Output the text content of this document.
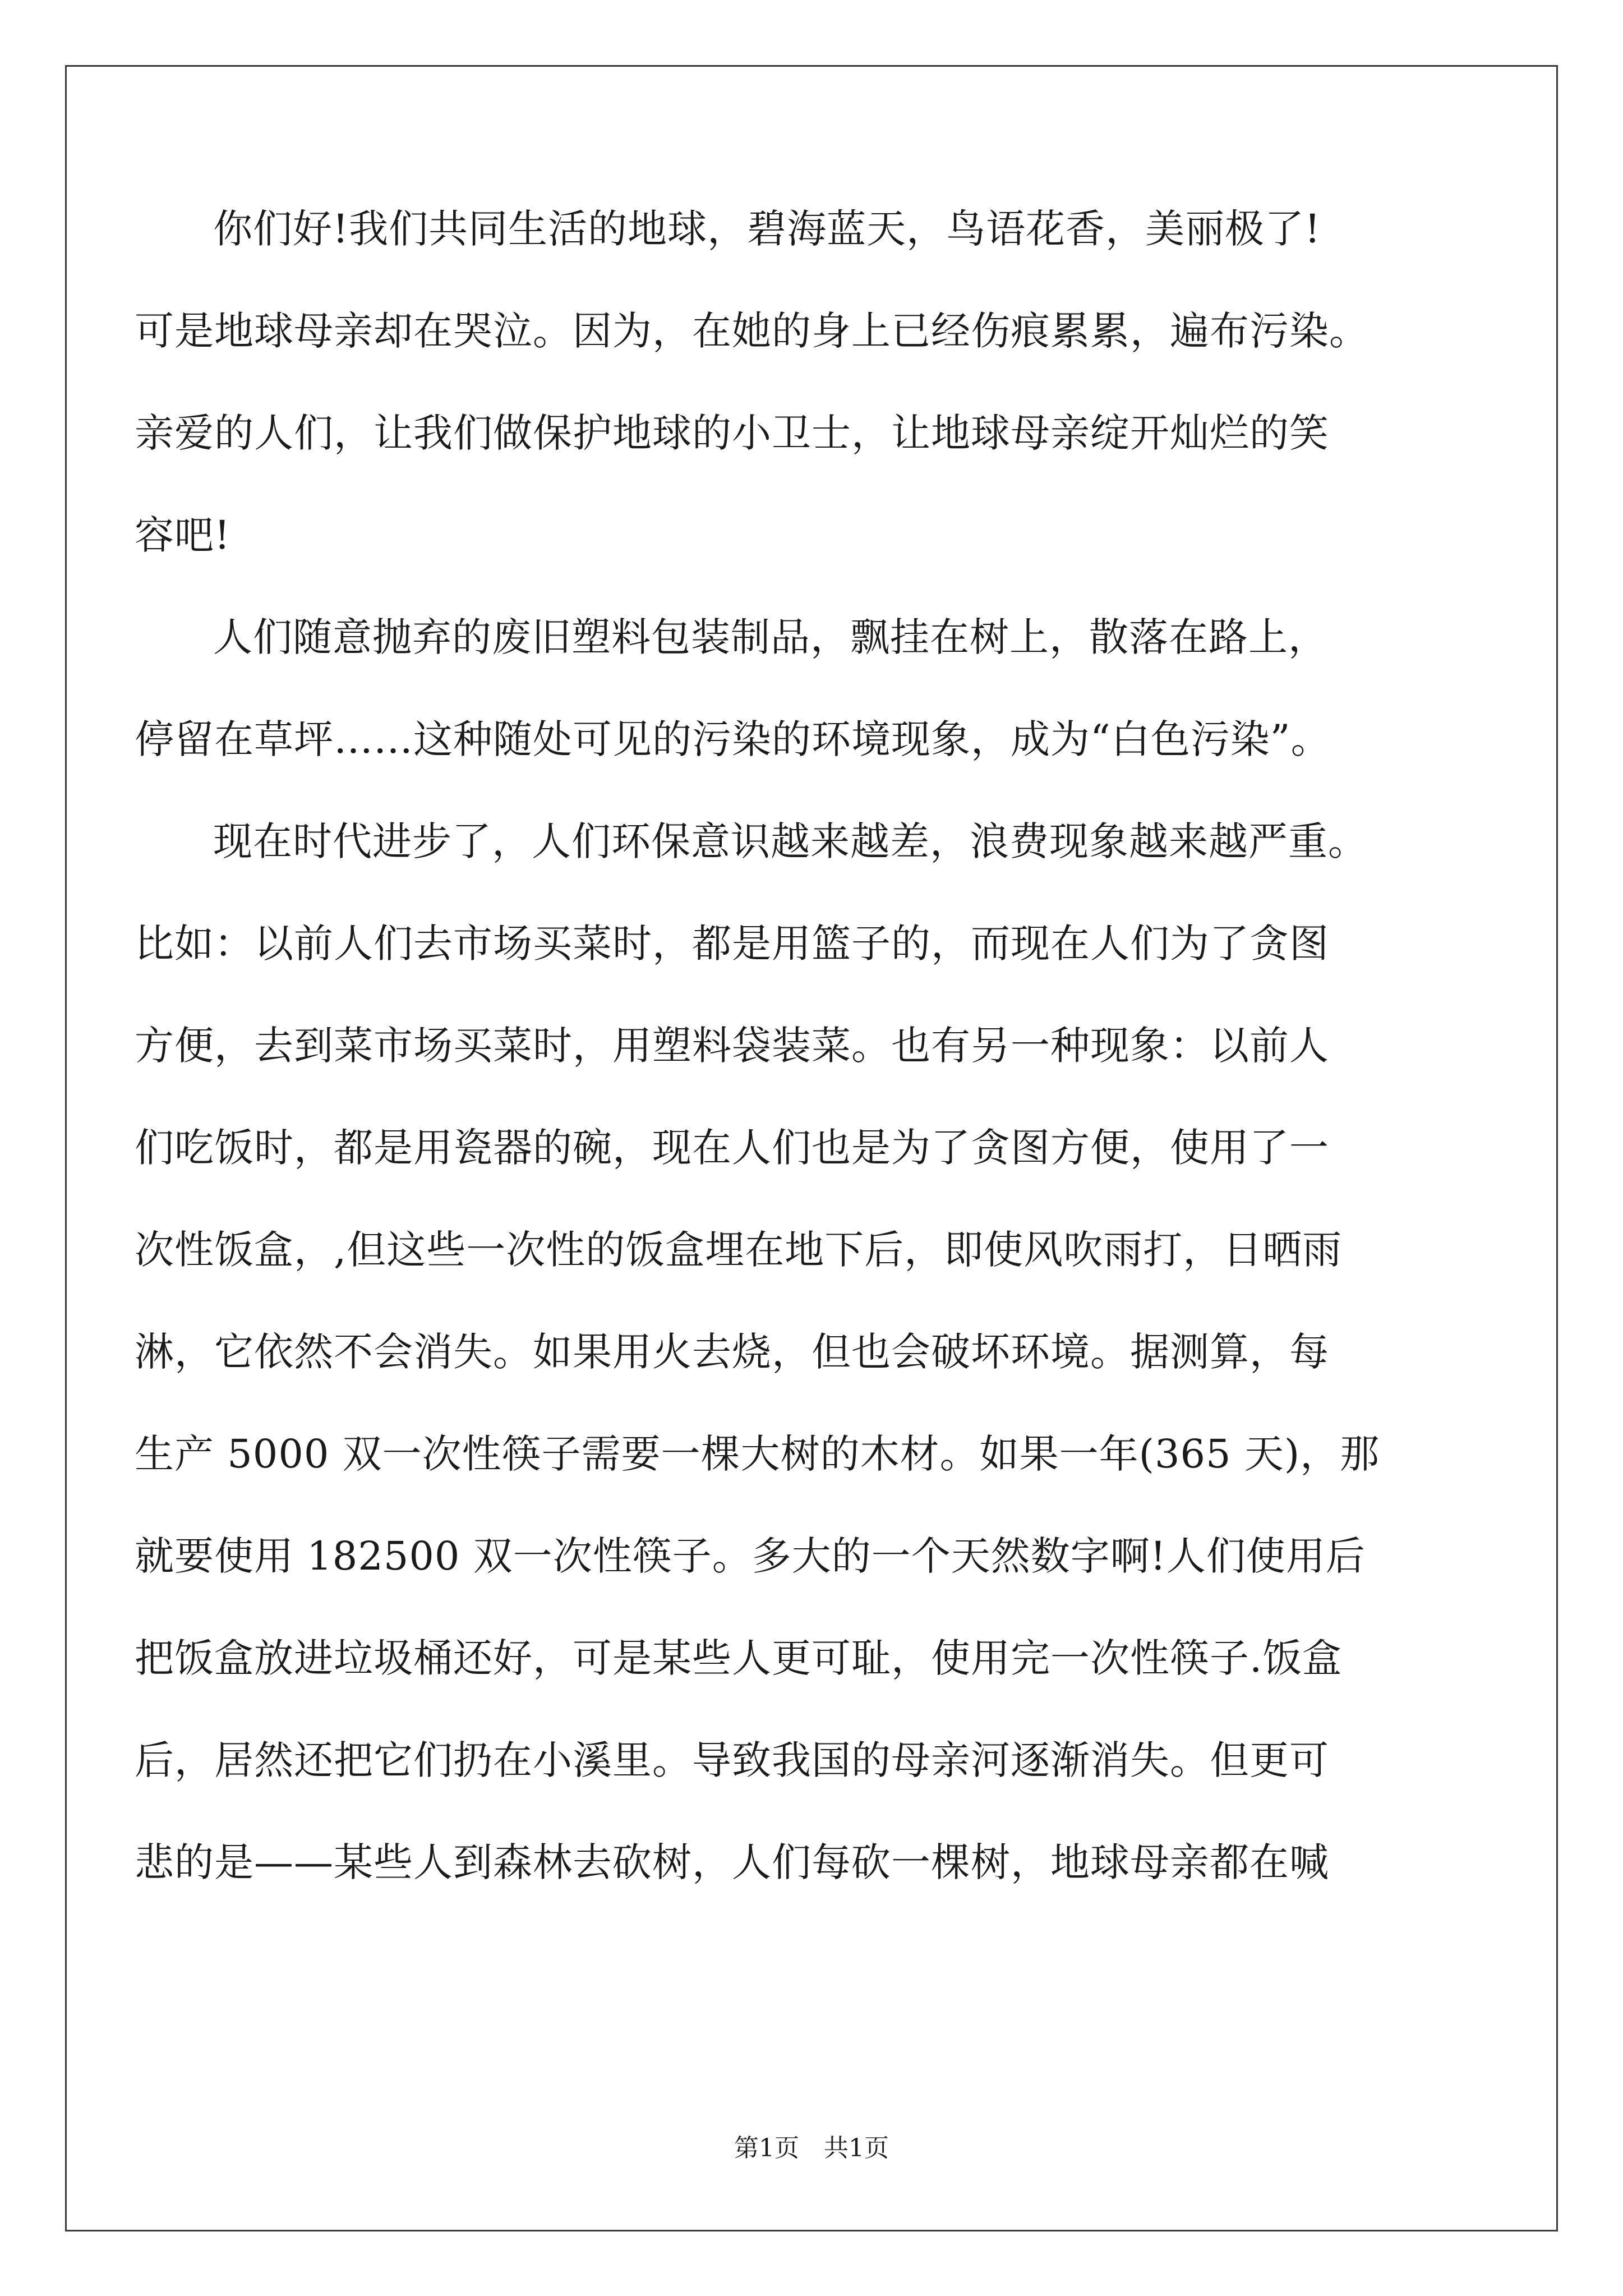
你们好!我们共同生活的地球，碧海蓝天，鸟语花香，美丽极了!
可是地球母亲却在哭泣。因为，在她的身上已经伤痕累累，遍布污染。
亲爱的人们，让我们做保护地球的小卫士，让地球母亲绽开灿烂的笑
容吧!
人们随意抛弃的废旧塑料包装制品，飘挂在树上，散落在路上，
停留在草坪……这种随处可见的污染的环境现象，成为“白色污染”。
现在时代进步了，人们环保意识越来越差，浪费现象越来越严重。
比如：以前人们去市场买菜时，都是用篮子的，而现在人们为了贪图
方便，去到菜市场买菜时，用塑料袋装菜。也有另一种现象：以前人
们吃饭时，都是用瓷器的碗，现在人们也是为了贪图方便，使用了一
次性饭盒，,但这些一次性的饭盒埋在地下后，即使风吹雨打，日晒雨
淋，它依然不会消失。如果用火去烧，但也会破坏环境。据测算，每
生产 5000 双一次性筷子需要一棵大树的木材。如果一年(365 天)，那
就要使用 182500 双一次性筷子。多大的一个天然数字啊!人们使用后
把饭盒放进垃圾桶还好，可是某些人更可耻，使用完一次性筷子.饭盒
后，居然还把它们扔在小溪里。导致我国的母亲河逐渐消失。但更可
悲的是——某些人到森林去砍树，人们每砍一棵树，地球母亲都在喊
第1页　共1页
